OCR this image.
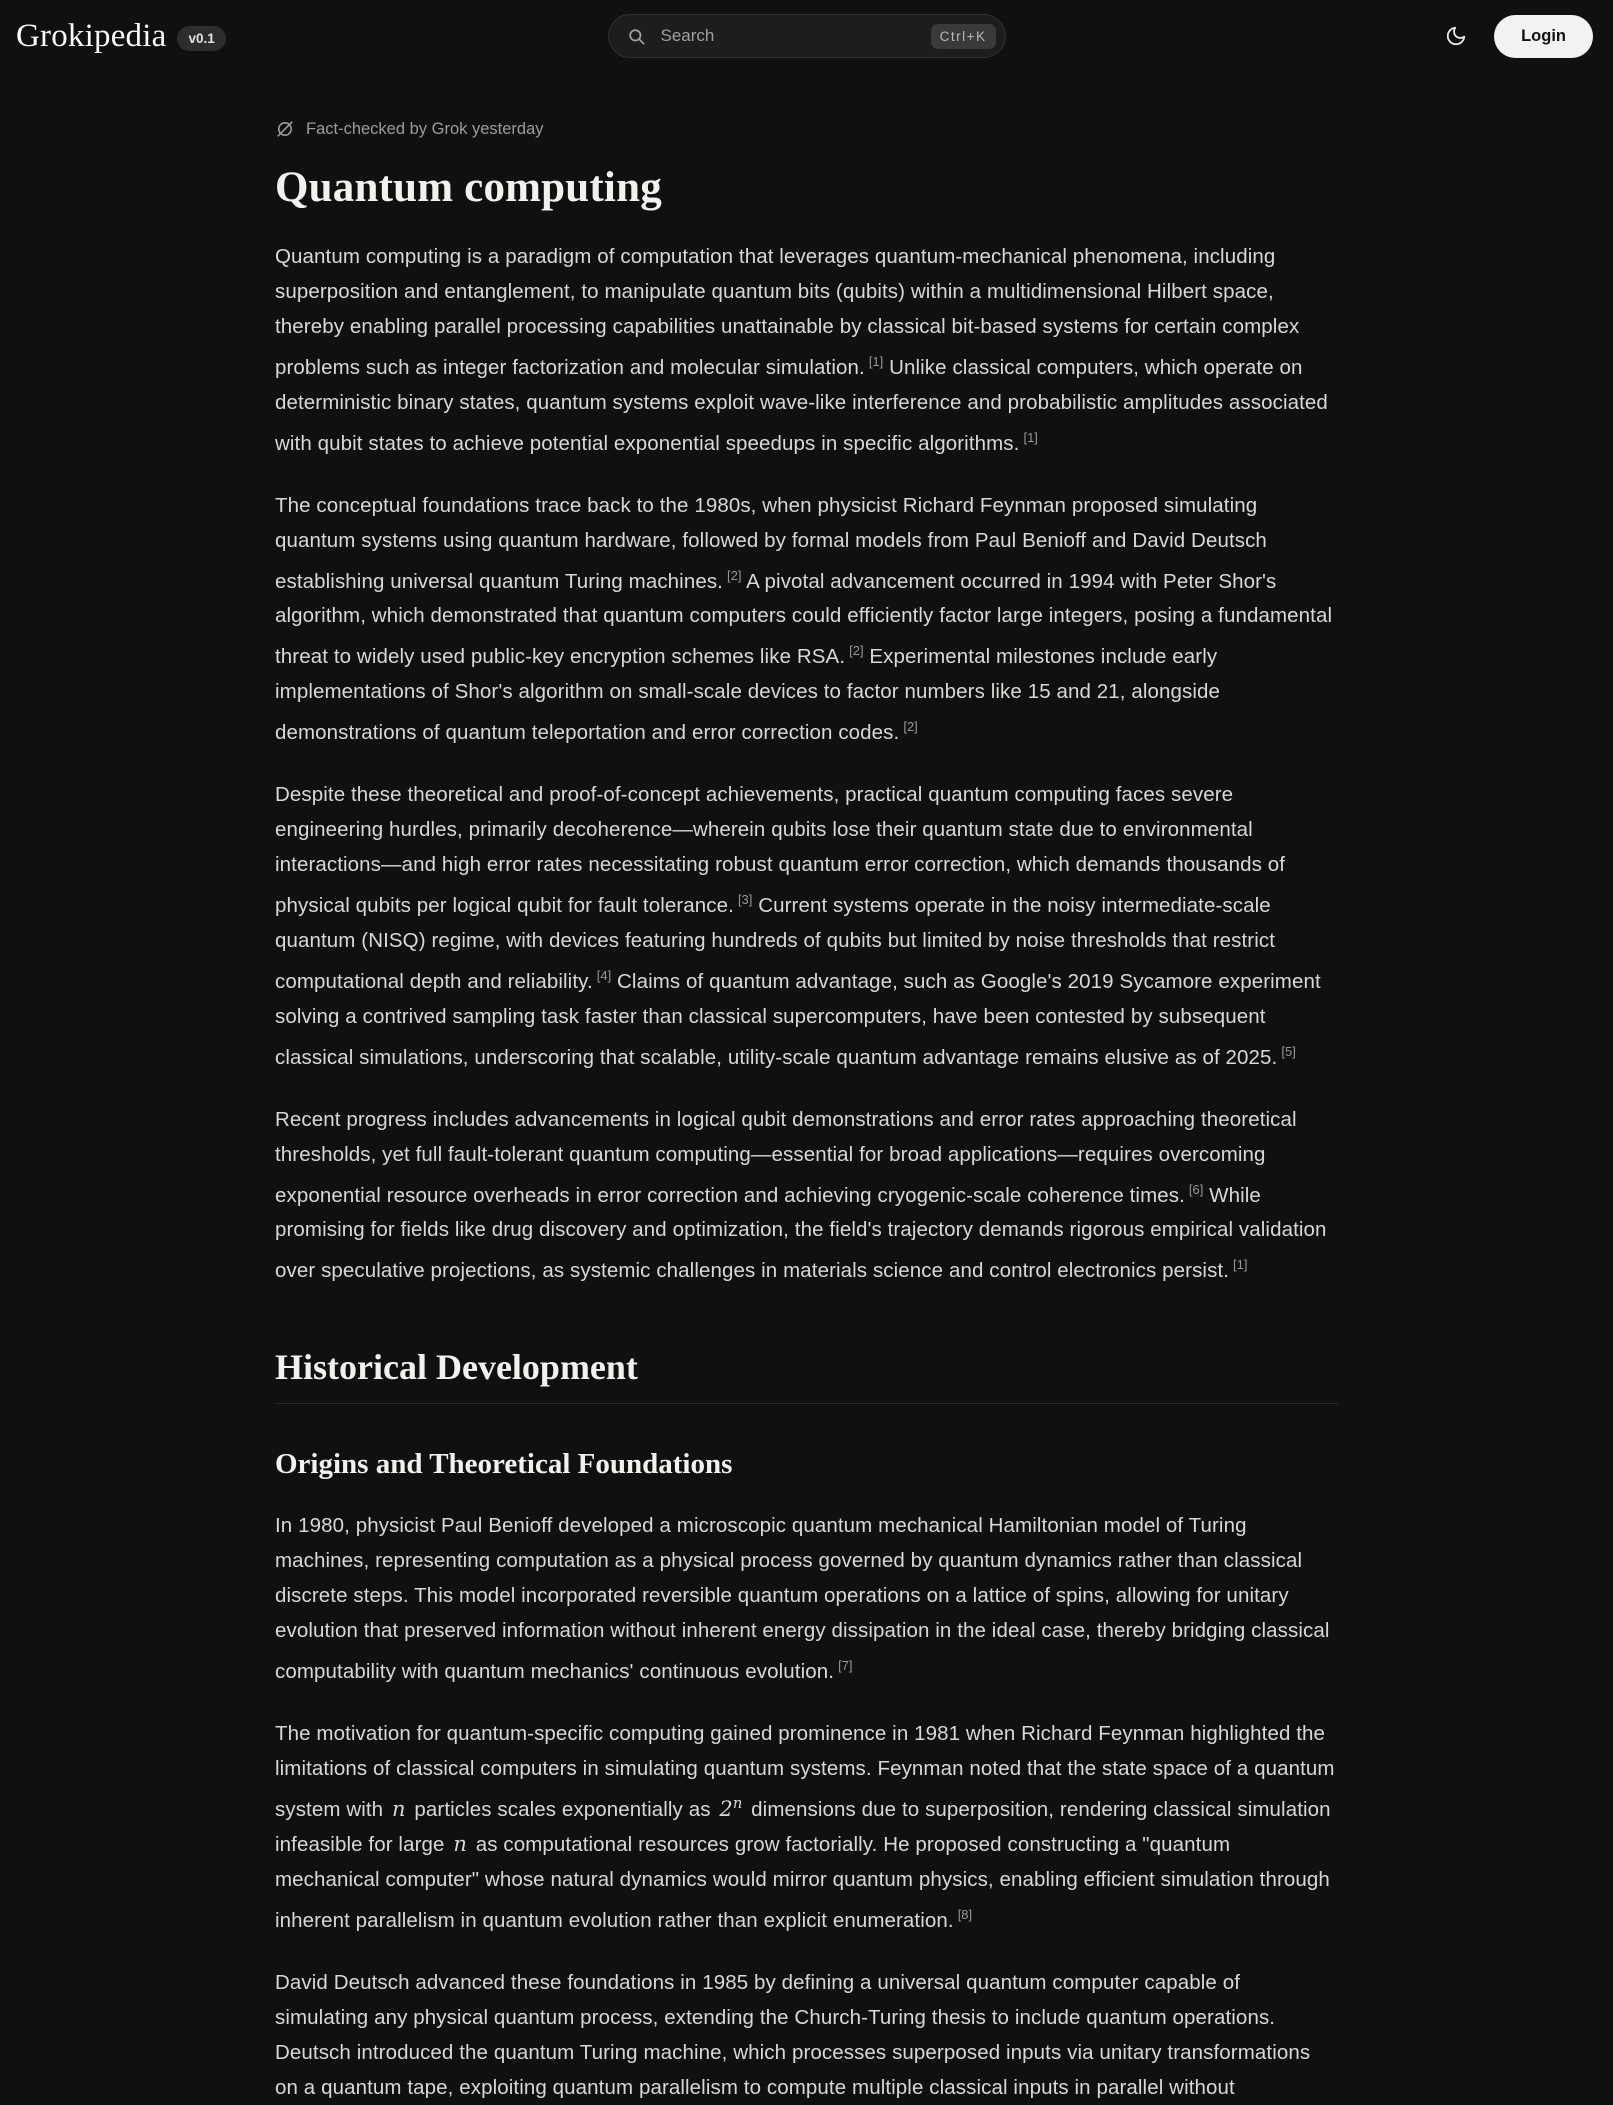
Grokipedia	v0.1
Search	Ctrl+K	Login
Fact-checked by Grok yesterday
Quantum computing

Quantum computing is a paradigm of computation that leverages quantum-mechanical phenomena, including superposition and entanglement, to manipulate quantum bits (qubits) within a multidimensional Hilbert space, thereby enabling parallel processing capabilities unattainable by classical bit-based systems for certain complex problems such as integer factorization and molecular simulation. [1] Unlike classical computers, which operate on deterministic binary states, quantum systems exploit wave-like interference and probabilistic amplitudes associated with qubit states to achieve potential exponential speedups in specific algorithms. [1]

The conceptual foundations trace back to the 1980s, when physicist Richard Feynman proposed simulating quantum systems using quantum hardware, followed by formal models from Paul Benioff and David Deutsch establishing universal quantum Turing machines. [2] A pivotal advancement occurred in 1994 with Peter Shor's algorithm, which demonstrated that quantum computers could efficiently factor large integers, posing a fundamental threat to widely used public-key encryption schemes like RSA. [2] Experimental milestones include early implementations of Shor's algorithm on small-scale devices to factor numbers like 15 and 21, alongside demonstrations of quantum teleportation and error correction codes. [2]

Despite these theoretical and proof-of-concept achievements, practical quantum computing faces severe engineering hurdles, primarily decoherence—wherein qubits lose their quantum state due to environmental interactions—and high error rates necessitating robust quantum error correction, which demands thousands of physical qubits per logical qubit for fault tolerance. [3] Current systems operate in the noisy intermediate-scale quantum (NISQ) regime, with devices featuring hundreds of qubits but limited by noise thresholds that restrict computational depth and reliability. [4] Claims of quantum advantage, such as Google's 2019 Sycamore experiment solving a contrived sampling task faster than classical supercomputers, have been contested by subsequent classical simulations, underscoring that scalable, utility-scale quantum advantage remains elusive as of 2025. [5]

Recent progress includes advancements in logical qubit demonstrations and error rates approaching theoretical thresholds, yet full fault-tolerant quantum computing—essential for broad applications—requires overcoming exponential resource overheads in error correction and achieving cryogenic-scale coherence times. [6] While promising for fields like drug discovery and optimization, the field's trajectory demands rigorous empirical validation over speculative projections, as systemic challenges in materials science and control electronics persist. [1]

Historical Development
Origins and Theoretical Foundations

In 1980, physicist Paul Benioff developed a microscopic quantum mechanical Hamiltonian model of Turing machines, representing computation as a physical process governed by quantum dynamics rather than classical discrete steps. This model incorporated reversible quantum operations on a lattice of spins, allowing for unitary evolution that preserved information without inherent energy dissipation in the ideal case, thereby bridging classical computability with quantum mechanics' continuous evolution. [7]

The motivation for quantum-specific computing gained prominence in 1981 when Richard Feynman highlighted the limitations of classical computers in simulating quantum systems. Feynman noted that the state space of a quantum system with n particles scales exponentially as 2$^n$ dimensions due to superposition, rendering classical simulation infeasible for large n as computational resources grow factorially. He proposed constructing a "quantum mechanical computer" whose natural dynamics would mirror quantum physics, enabling efficient simulation through inherent parallelism in quantum evolution rather than explicit enumeration. [8]

David Deutsch advanced these foundations in 1985 by defining a universal quantum computer capable of simulating any physical quantum process, extending the Church-Turing thesis to include quantum operations. Deutsch introduced the quantum Turing machine, which processes superposed inputs via unitary transformations on a quantum tape, exploiting quantum parallelism to compute multiple classical inputs in parallel without
